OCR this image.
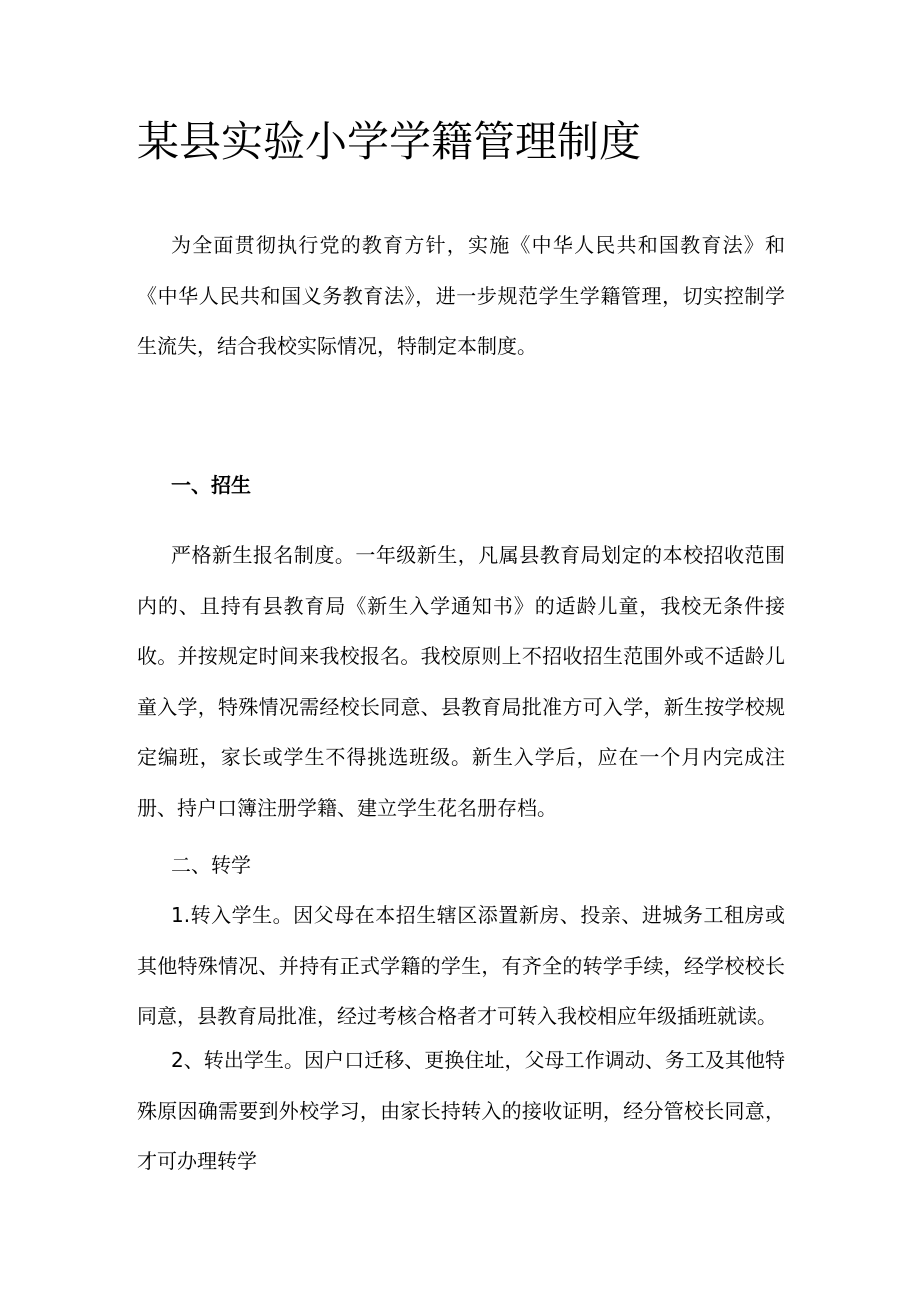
某县实验小学学籍管理制度

为全面贯彻执行党的教育方针，实施《中华人民共和国教育法》和《中华人民共和国义务教育法》，进一步规范学生学籍管理，切实控制学生流失，结合我校实际情况，特制定本制度。

一、招生

严格新生报名制度。一年级新生，凡属县教育局划定的本校招收范围内的、且持有县教育局《新生入学通知书》的适龄儿童，我校无条件接收。并按规定时间来我校报名。我校原则上不招收招生范围外或不适龄儿童入学，特殊情况需经校长同意、县教育局批准方可入学，新生按学校规定编班，家长或学生不得挑选班级。新生入学后，应在一个月内完成注册、持户口簿注册学籍、建立学生花名册存档。

二、转学

1.转入学生。因父母在本招生辖区添置新房、投亲、进城务工租房或其他特殊情况、并持有正式学籍的学生，有齐全的转学手续，经学校校长同意，县教育局批准，经过考核合格者才可转入我校相应年级插班就读。

2、转出学生。因户口迁移、更换住址，父母工作调动、务工及其他特殊原因确需要到外校学习，由家长持转入的接收证明，经分管校长同意，才可办理转学
